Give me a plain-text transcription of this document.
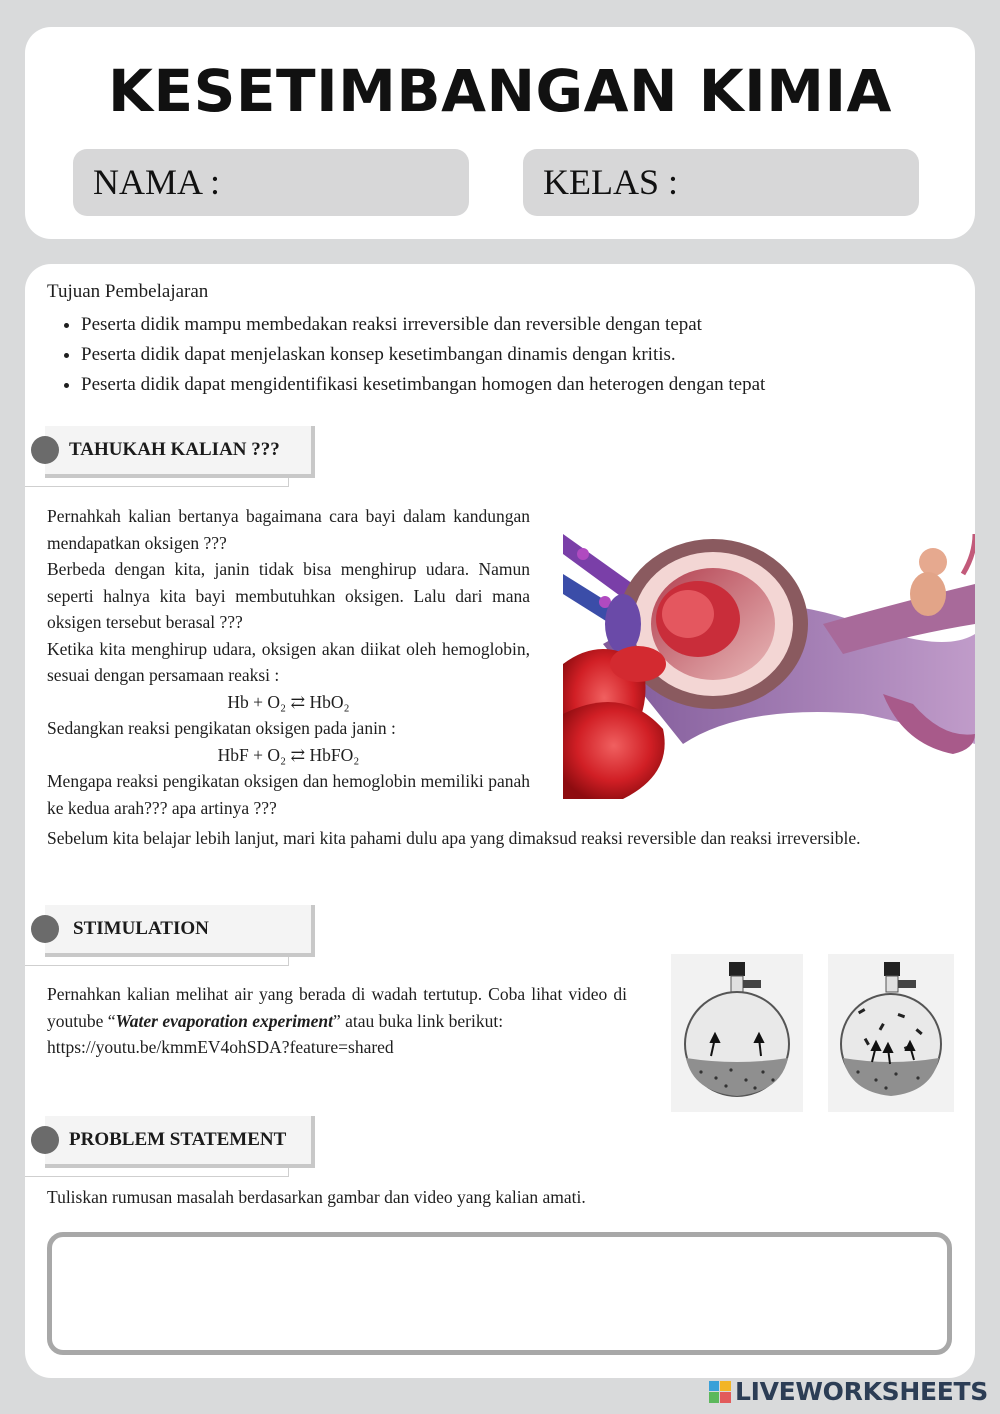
KESETIMBANGAN KIMIA
NAMA :	KELAS :
Tujuan Pembelajaran
• Peserta didik mampu membedakan reaksi irreversible dan reversible dengan tepat
• Peserta didik dapat menjelaskan konsep kesetimbangan dinamis dengan kritis.
• Peserta didik dapat mengidentifikasi kesetimbangan homogen dan heterogen dengan tepat
TAHUKAH KALIAN ???

Pernahkah kalian bertanya bagaimana cara bayi dalam kandungan mendapatkan oksigen ???

Berbeda dengan kita, janin tidak bisa menghirup udara. Namun seperti halnya kita bayi membutuhkan oksigen. Lalu dari mana oksigen tersebut berasal ???

Ketika kita menghirup udara, oksigen akan diikat oleh hemoglobin, sesuai dengan persamaan reaksi :

Hb + O₂ ⇄ HbO₂

Sedangkan reaksi pengikatan oksigen pada janin :

HbF + O₂ ⇄ HbFO₂

Mengapa reaksi pengikatan oksigen dan hemoglobin memiliki panah ke kedua arah??? apa artinya ???

Sebelum kita belajar lebih lanjut, mari kita pahami dulu apa yang dimaksud reaksi reversible dan reaksi irreversible.
STIMULATION

Pernahkan kalian melihat air yang berada di wadah tertutup. Coba lihat video di youtube “Water evaporation experiment” atau buka link berikut:

https://youtu.be/kmmEV4ohSDA?feature=shared

PROBLEM STATEMENT
Tuliskan rumusan masalah berdasarkan gambar dan video yang kalian amati.
LIVEWORKSHEETS
